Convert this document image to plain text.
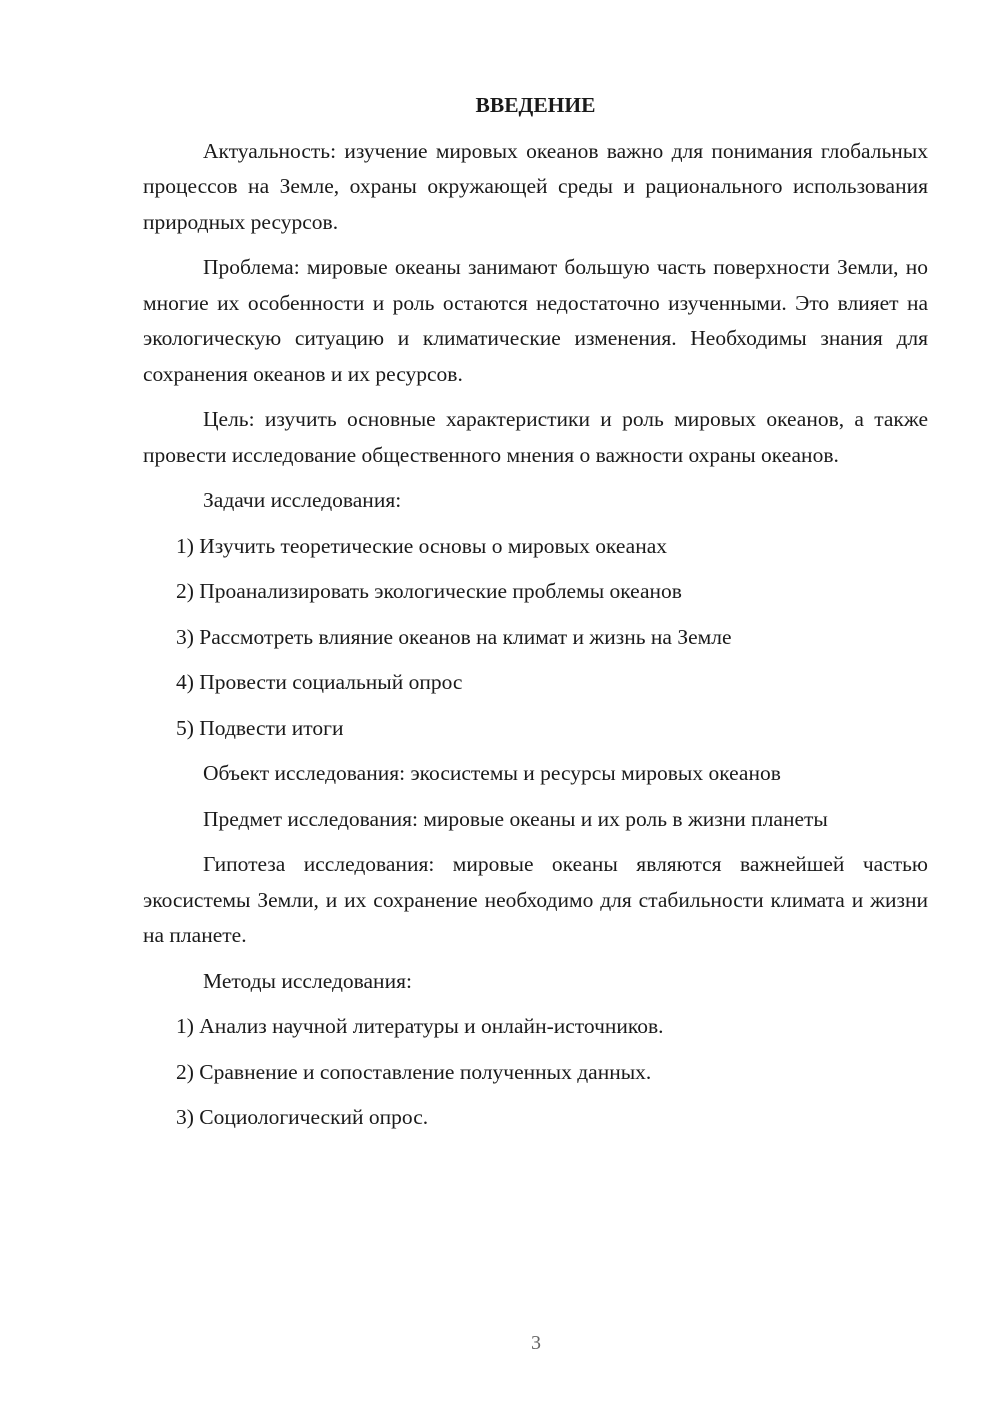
ВВЕДЕНИЕ

Актуальность: изучение мировых океанов важно для понимания глобальных процессов на Земле, охраны окружающей среды и рационального использования природных ресурсов.

Проблема: мировые океаны занимают большую часть поверхности Земли, но многие их особенности и роль остаются недостаточно изученными. Это влияет на экологическую ситуацию и климатические изменения. Необходимы знания для сохранения океанов и их ресурсов.

Цель: изучить основные характеристики и роль мировых океанов, а также провести исследование общественного мнения о важности охраны океанов.

Задачи исследования:

1) Изучить теоретические основы о мировых океанах

2) Проанализировать экологические проблемы океанов

3) Рассмотреть влияние океанов на климат и жизнь на Земле

4) Провести социальный опрос

5) Подвести итоги

Объект исследования: экосистемы и ресурсы мировых океанов

Предмет исследования: мировые океаны и их роль в жизни планеты

Гипотеза исследования: мировые океаны являются важнейшей частью экосистемы Земли, и их сохранение необходимо для стабильности климата и жизни на планете.

Методы исследования:

1) Анализ научной литературы и онлайн-источников.

2) Сравнение и сопоставление полученных данных.

3) Социологический опрос.

3
